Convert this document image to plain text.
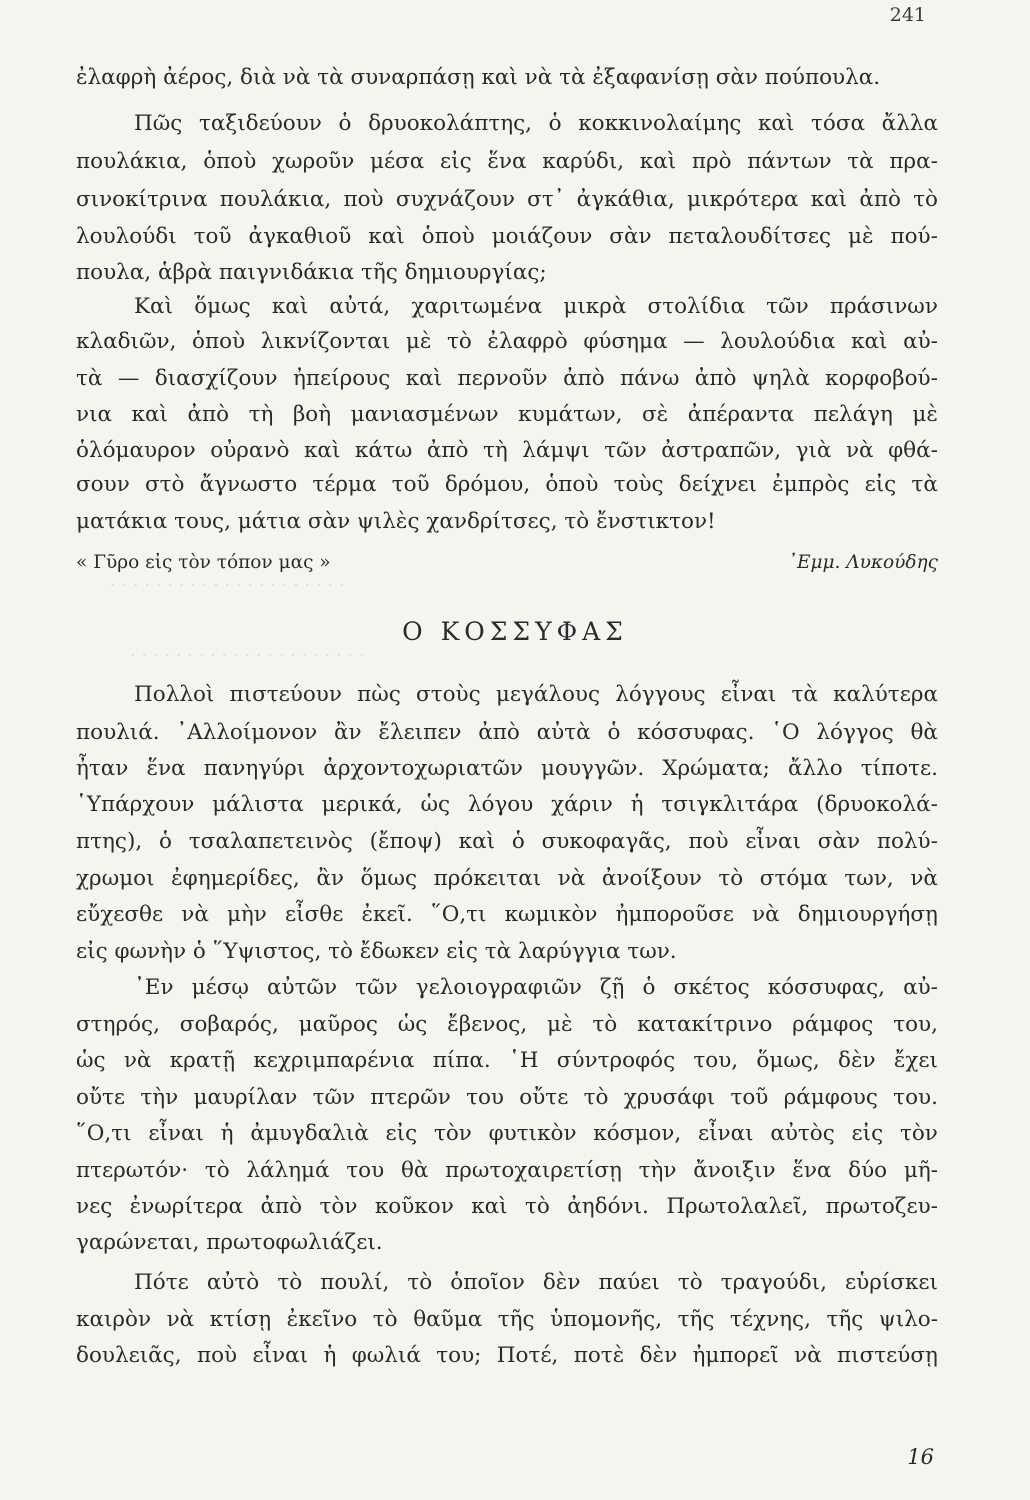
241

· · · · · · · · · · · · · · · · · · · · ·
· · · · · · · · · · · · · · · · · · · · ·

ἐλαφρὴ ἀέρος, διὰ νὰ τὰ συναρπάσῃ καὶ νὰ τὰ ἐξαφανίσῃ σὰν πούπουλα.

Πῶς ταξιδεύουν ὁ δρυοκολάπτης, ὁ κοκκινολαίμης καὶ τόσα ἄλλα

πουλάκια, ὁποὺ χωροῦν μέσα εἰς ἕνα καρύδι, καὶ πρὸ πάντων τὰ πρα-

σινοκίτρινα πουλάκια, ποὺ συχνάζουν στ᾽ ἀγκάθια, μικρότερα καὶ ἀπὸ τὸ

λουλούδι τοῦ ἀγκαθιοῦ καὶ ὁποὺ μοιάζουν σὰν πεταλουδίτσες μὲ πού-

πουλα, ἁβρὰ παιγνιδάκια τῆς δημιουργίας;

Καὶ ὅμως καὶ αὐτά, χαριτωμένα μικρὰ στολίδια τῶν πράσινων

κλαδιῶν, ὁποὺ λικνίζονται μὲ τὸ ἐλαφρὸ φύσημα — λουλούδια καὶ αὐ-

τὰ — διασχίζουν ἠπείρους καὶ περνοῦν ἀπὸ πάνω ἀπὸ ψηλὰ κορφοβού-

νια καὶ ἀπὸ τὴ βοὴ μανιασμένων κυμάτων, σὲ ἀπέραντα πελάγη μὲ

ὁλόμαυρον οὐρανὸ καὶ κάτω ἀπὸ τὴ λάμψι τῶν ἀστραπῶν, γιὰ νὰ φθά-

σουν στὸ ἄγνωστο τέρμα τοῦ δρόμου, ὁποὺ τοὺς δείχνει ἐμπρὸς εἰς τὰ

ματάκια τους, μάτια σὰν ψιλὲς χανδρίτσες, τὸ ἔνστικτον!

« Γῦρο εἰς τὸν τόπον μας »	᾽Εμμ. Λυκούδης
Ο ΚΟΣΣΥΦΑΣ

Πολλοὶ πιστεύουν πὼς στοὺς μεγάλους λόγγους εἶναι τὰ καλύτερα

πουλιά. ᾽Αλλοίμονον ἂν ἔλειπεν ἀπὸ αὐτὰ ὁ κόσσυφας. ῾Ο λόγγος θὰ

ἦταν ἕνα πανηγύρι ἀρχοντοχωριατῶν μουγγῶν. Χρώματα; ἄλλο τίποτε.

῾Υπάρχουν μάλιστα μερικά, ὡς λόγου χάριν ἡ τσιγκλιτάρα (δρυοκολά-

πτης), ὁ τσαλαπετεινὸς (ἔποψ) καὶ ὁ συκοφαγᾶς, ποὺ εἶναι σὰν πολύ-

χρωμοι ἐφημερίδες, ἂν ὅμως πρόκειται νὰ ἀνοίξουν τὸ στόμα των, νὰ

εὔχεσθε νὰ μὴν εἶσθε ἐκεῖ. ῞Ο,τι κωμικὸν ἠμποροῦσε νὰ δημιουργήσῃ

εἰς φωνὴν ὁ ῞Υψιστος, τὸ ἔδωκεν εἰς τὰ λαρύγγια των.

᾽Εν μέσῳ αὐτῶν τῶν γελοιογραφιῶν ζῇ ὁ σκέτος κόσσυφας, αὐ-

στηρός, σοβαρός, μαῦρος ὡς ἔβενος, μὲ τὸ κατακίτρινο ράμφος του,

ὡς νὰ κρατῇ κεχριμπαρένια πίπα. ῾Η σύντροφός του, ὅμως, δὲν ἔχει

οὔτε τὴν μαυρίλαν τῶν πτερῶν του οὔτε τὸ χρυσάφι τοῦ ράμφους του.

῞Ο,τι εἶναι ἡ ἀμυγδαλιὰ εἰς τὸν φυτικὸν κόσμον, εἶναι αὐτὸς εἰς τὸν

πτερωτόν· τὸ λάλημά του θὰ πρωτοχαιρετίσῃ τὴν ἄνοιξιν ἕνα δύο μῆ-

νες ἐνωρίτερα ἀπὸ τὸν κοῦκον καὶ τὸ ἀηδόνι. Πρωτολαλεῖ, πρωτοζευ-

γαρώνεται, πρωτοφωλιάζει.

Πότε αὐτὸ τὸ πουλί, τὸ ὁποῖον δὲν παύει τὸ τραγούδι, εὑρίσκει

καιρὸν νὰ κτίσῃ ἐκεῖνο τὸ θαῦμα τῆς ὑπομονῆς, τῆς τέχνης, τῆς ψιλο-

δουλειᾶς, ποὺ εἶναι ἡ φωλιά του; Ποτέ, ποτὲ δὲν ἠμπορεῖ νὰ πιστεύσῃ

16
